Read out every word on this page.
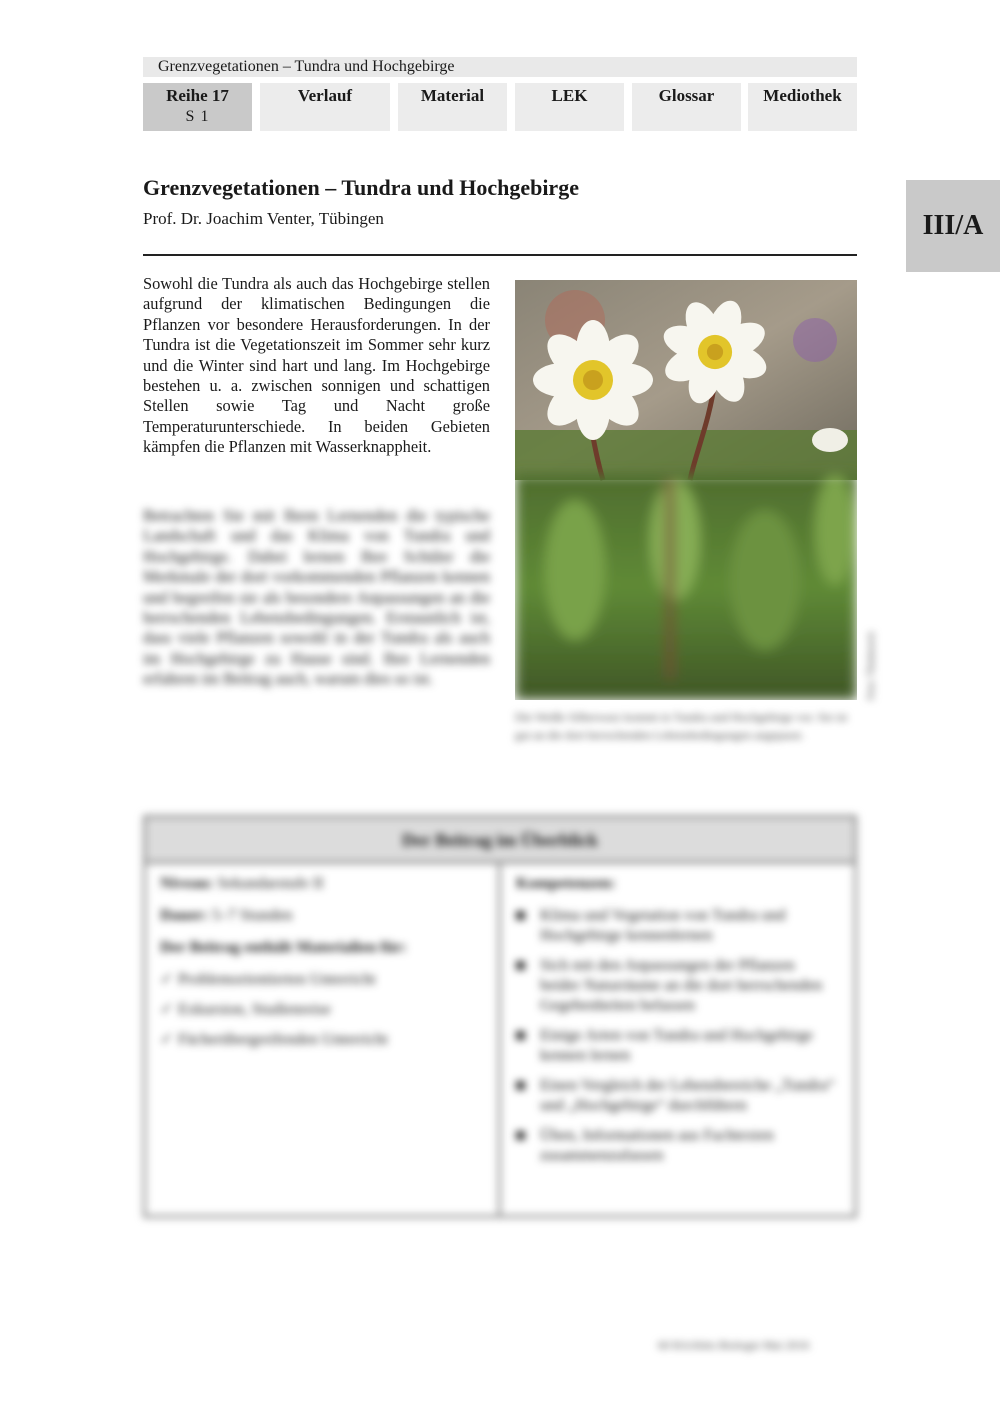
Grenzvegetationen – Tundra und Hochgebirge
Reihe 17
S 1
Verlauf	Material	LEK	Glossar	Mediothek
III/A
Grenzvegetationen – Tundra und Hochgebirge
Prof. Dr. Joachim Venter, Tübingen

Sowohl die Tundra als auch das Hochgebirge stellen aufgrund der klimatischen Bedingungen die Pflanzen vor besondere Herausforderungen. In der Tundra ist die Vegetationszeit im Sommer sehr kurz und die Winter sind hart und lang. Im Hochgebirge bestehen u. a. zwischen sonnigen und schattigen Stellen sowie Tag und Nacht große Temperaturunterschiede. In beiden Gebieten kämpfen die Pflanzen mit Wasserknappheit.

Betrachten Sie mit Ihren Lernenden die typische Landschaft und das Klima von Tundra und Hochgebirge. Dabei lernen Ihre Schüler die Merkmale der dort vorkommenden Pflanzen kennen und begreifen sie als besondere Anpassungen an die herrschenden Lebensbedingungen. Erstaunlich ist, dass viele Pflanzen sowohl in der Tundra als auch im Hochgebirge zu Hause sind. Ihre Lernenden erfahren im Beitrag auch, warum dies so ist.	Foto: Thinkstock
Die Weiße Silberwurz kommt in Tundra und Hochgebirge vor. Sie ist gut an die dort herrschenden Lebensbedingungen angepasst.
Der Beitrag im Überblick

Niveau: Sekundarstufe II

Dauer: 5–7 Stunden

Der Beitrag enthält Materialien für:

✓ Problemorientierten Unterricht
✓ Exkursion, Studienreise
✓ Fächerübergreifenden Unterricht

Kompetenzen:

Klima und Vegetation von Tundra und Hochgebirge kennenlernen
Sich mit den Anpassungen der Pflanzen beider Naturräume an die dort herrschenden Gegebenheiten befassen
Einige Arten von Tundra und Hochgebirge kennen lernen
Einen Vergleich der Lebensbereiche „Tundra“ und „Hochgebirge“ durchführen
Üben, Informationen aus Fachtexten zusammenzufassen
60 RAAbits Biologie Mai 2016
